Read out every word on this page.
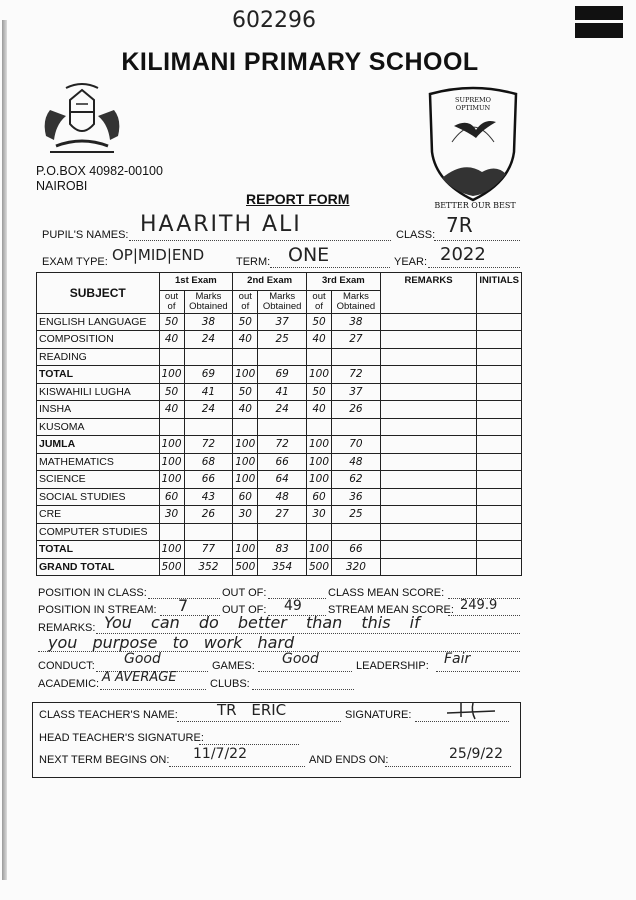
602296
KILIMANI PRIMARY SCHOOL
P.O.BOX 40982-00100
NAIROBI
SUPREMO OPTIMUN
BETTER OUR BEST
REPORT FORM
PUPIL'S NAMES: HAARITH ALI	CLASS: 7R
EXAM TYPE: OP|MID|END	TERM: ONE	YEAR: 2022
SUBJECT	1st Exam		2nd Exam		3rd Exam		REMARKS	INITIALS
	out of	Marks Obtained	out of	Marks Obtained	out of	Marks Obtained		
ENGLISH LANGUAGE	50	38	50	37	50	38		
COMPOSITION	40	24	40	25	40	27		
READING								
TOTAL	100	69	100	69	100	72		
KISWAHILI LUGHA	50	41	50	41	50	37		
INSHA	40	24	40	24	40	26		
KUSOMA								
JUMLA	100	72	100	72	100	70		
MATHEMATICS	100	68	100	66	100	48		
SCIENCE	100	66	100	64	100	62		
SOCIAL STUDIES	60	43	60	48	60	36		
CRE	30	26	30	27	30	25		
COMPUTER STUDIES								
TOTAL	100	77	100	83	100	66		
GRAND TOTAL	500	352	500	354	500	320		
POSITION IN CLASS:	OUT OF:	CLASS MEAN SCORE:
POSITION IN STREAM: 7	OUT OF: 49 STREAM MEAN SCORE: 249.9
REMARKS: You can do better than this if
you purpose to work hard
CONDUCT: Good	GAMES: Good	LEADERSHIP: Fair
ACADEMIC: A AVERAGE	CLUBS:
CLASS TEACHER'S NAME:	TR ERIC	SIGNATURE:
HEAD TEACHER'S SIGNATURE:
NEXT TERM BEGINS ON: 11/7/22	AND ENDS ON:	25/9/22
